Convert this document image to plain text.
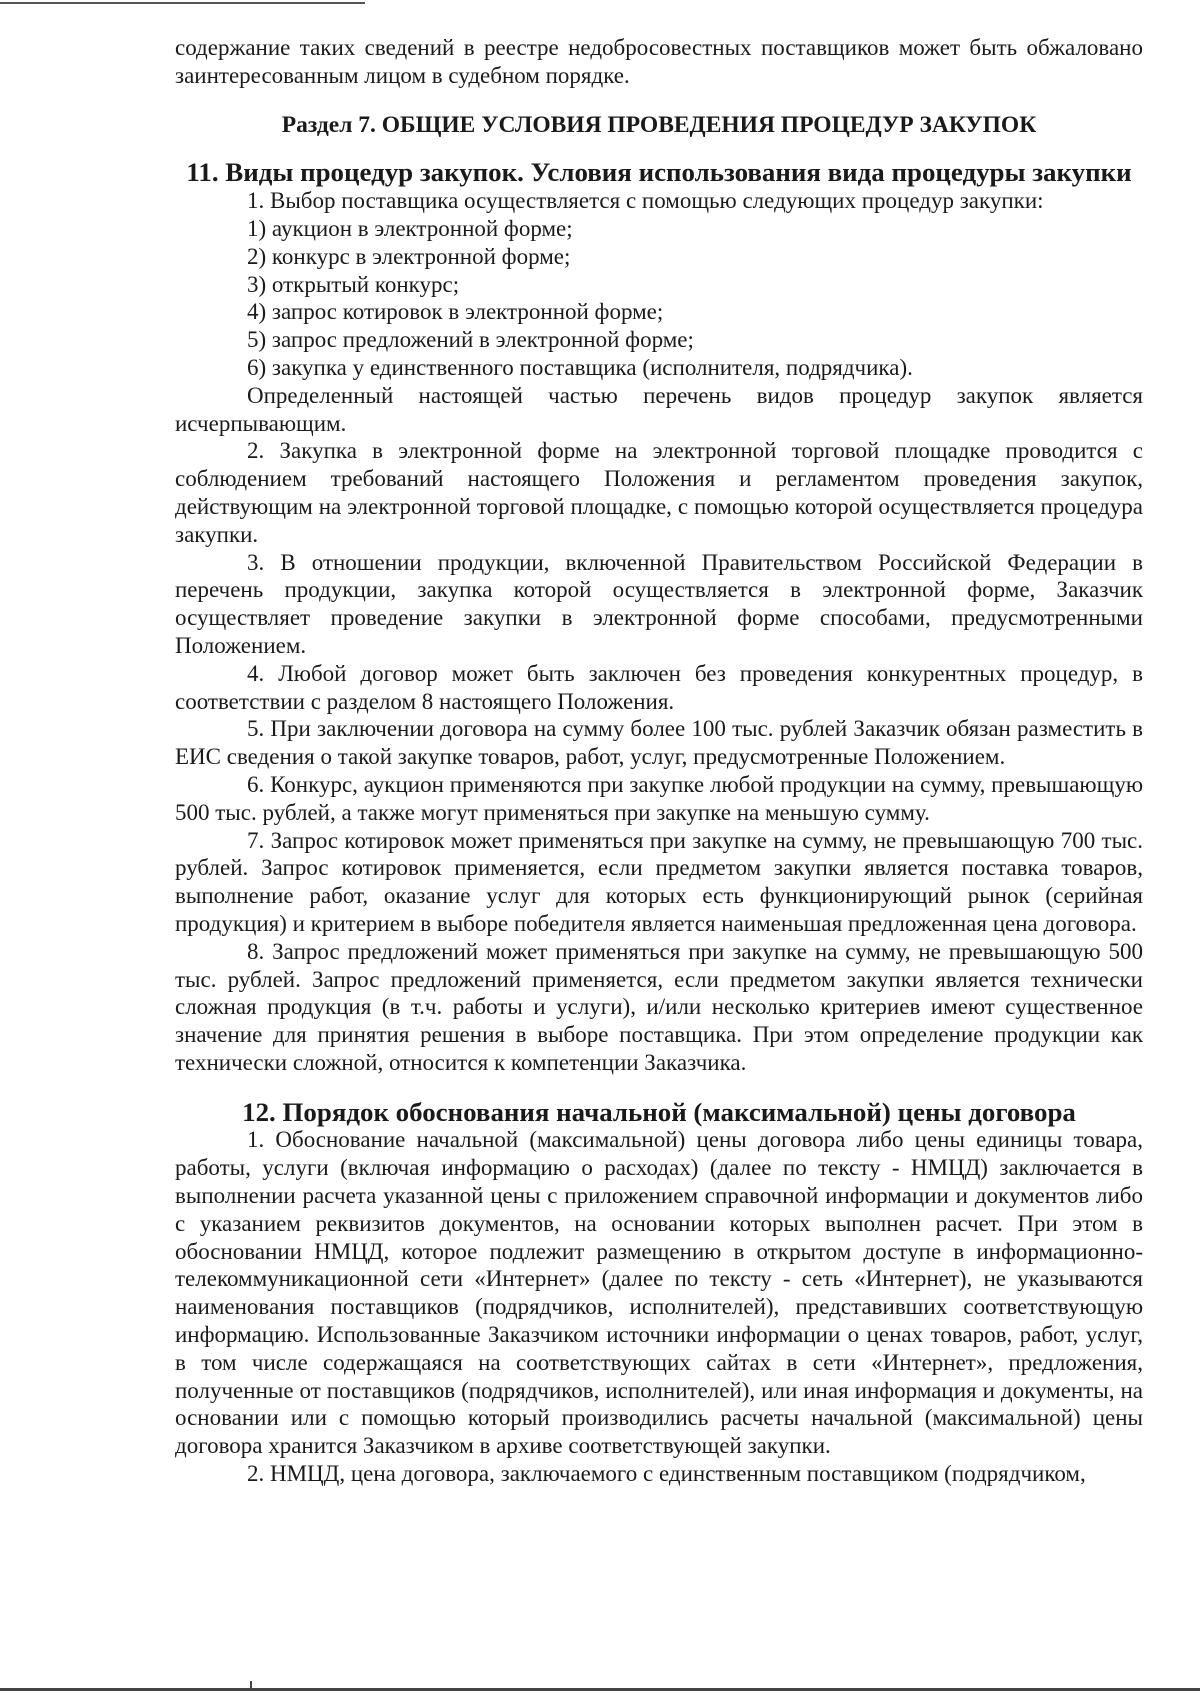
содержание таких сведений в реестре недобросовестных поставщиков может быть обжаловано заинтересованным лицом в судебном порядке.

Раздел 7. ОБЩИЕ УСЛОВИЯ ПРОВЕДЕНИЯ ПРОЦЕДУР ЗАКУПОК
11. Виды процедур закупок. Условия использования вида процедуры закупки

1. Выбор поставщика осуществляется с помощью следующих процедур закупки:

1) аукцион в электронной форме;
2) конкурс в электронной форме;
3) открытый конкурс;
4) запрос котировок в электронной форме;
5) запрос предложений в электронной форме;
6) закупка у единственного поставщика (исполнителя, подрядчика).

Определенный настоящей частью перечень видов процедур закупок является исчерпывающим.

2. Закупка в электронной форме на электронной торговой площадке проводится с соблюдением требований настоящего Положения и регламентом проведения закупок, действующим на электронной торговой площадке, с помощью которой осуществляется процедура закупки.

3. В отношении продукции, включенной Правительством Российской Федерации в перечень продукции, закупка которой осуществляется в электронной форме, Заказчик осуществляет проведение закупки в электронной форме способами, предусмотренными Положением.

4. Любой договор может быть заключен без проведения конкурентных процедур, в соответствии с разделом 8 настоящего Положения.

5. При заключении договора на сумму более 100 тыс. рублей Заказчик обязан разместить в ЕИС сведения о такой закупке товаров, работ, услуг, предусмотренные Положением.

6. Конкурс, аукцион применяются при закупке любой продукции на сумму, превышающую 500 тыс. рублей, а также могут применяться при закупке на меньшую сумму.

7. Запрос котировок может применяться при закупке на сумму, не превышающую 700 тыс. рублей. Запрос котировок применяется, если предметом закупки является поставка товаров, выполнение работ, оказание услуг для которых есть функционирующий рынок (серийная продукция) и критерием в выборе победителя является наименьшая предложенная цена договора.

8. Запрос предложений может применяться при закупке на сумму, не превышающую 500 тыс. рублей. Запрос предложений применяется, если предметом закупки является технически сложная продукция (в т.ч. работы и услуги), и/или несколько критериев имеют существенное значение для принятия решения в выборе поставщика. При этом определение продукции как технически сложной, относится к компетенции Заказчика.

12. Порядок обоснования начальной (максимальной) цены договора

1. Обоснование начальной (максимальной) цены договора либо цены единицы товара, работы, услуги (включая информацию о расходах) (далее по тексту - НМЦД) заключается в выполнении расчета указанной цены с приложением справочной информации и документов либо с указанием реквизитов документов, на основании которых выполнен расчет. При этом в обосновании НМЦД, которое подлежит размещению в открытом доступе в информационно-телекоммуникационной сети «Интернет» (далее по тексту - сеть «Интернет), не указываются наименования поставщиков (подрядчиков, исполнителей), представивших соответствующую информацию. Использованные Заказчиком источники информации о ценах товаров, работ, услуг, в том числе содержащаяся на соответствующих сайтах в сети «Интернет», предложения, полученные от поставщиков (подрядчиков, исполнителей), или иная информация и документы, на основании или с помощью который производились расчеты начальной (максимальной) цены договора хранится Заказчиком в архиве соответствующей закупки.

2. НМЦД, цена договора, заключаемого с единственным поставщиком (подрядчиком,
